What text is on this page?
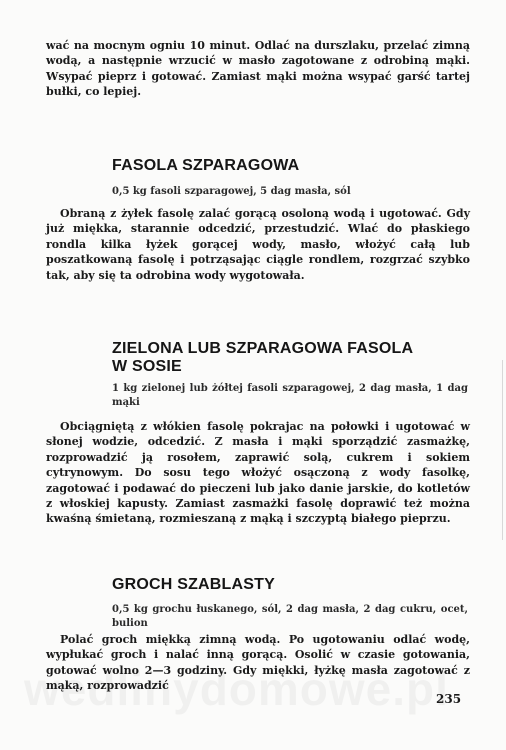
wać na mocnym ogniu 10 minut. Odlać na durszlaku, przelać zimną wodą, a następnie wrzucić w masło zagotowane z odrobiną mąki. Wsypać pieprz i gotować. Zamiast mąki można wsypać garść tartej bułki, co lepiej.

FASOLA SZPARAGOWA

0,5 kg fasoli szparagowej, 5 dag masła, sól

Obraną z żyłek fasolę zalać gorącą osoloną wodą i ugotować. Gdy już miękka, starannie odcedzić, przestudzić. Wlać do płaskiego rondla kilka łyżek gorącej wody, masło, włożyć całą lub poszatkowaną fasolę i potrząsając ciągle rondlem, rozgrzać szybko tak, aby się ta odrobina wody wygotowała.

ZIELONA LUB SZPARAGOWA FASOLA W SOSIE

1 kg zielonej lub żółtej fasoli szparagowej, 2 dag masła, 1 dag mąki

Obciągniętą z włókien fasolę pokrajac na połowki i ugotować w słonej wodzie, odcedzić. Z masła i mąki sporządzić zasmażkę, rozprowadzić ją rosołem, zaprawić solą, cukrem i sokiem cytrynowym. Do sosu tego włożyć osączoną z wody fasolkę, zagotować i podawać do pieczeni lub jako danie jarskie, do kotletów z włoskiej kapusty. Zamiast zasmażki fasolę doprawić też można kwaśną śmietaną, rozmieszaną z mąką i szczyptą białego pieprzu.

GROCH SZABLASTY

0,5 kg grochu łuskanego, sól, 2 dag masła, 2 dag cukru, ocet, bulion

Polać groch miękką zimną wodą. Po ugotowaniu odlać wodę, wypłukać groch i nalać inną gorącą. Osolić w czasie gotowania, gotować wolno 2—3 godziny. Gdy miękki, łyżkę masła zagotować z mąką, rozprowadzić

235
